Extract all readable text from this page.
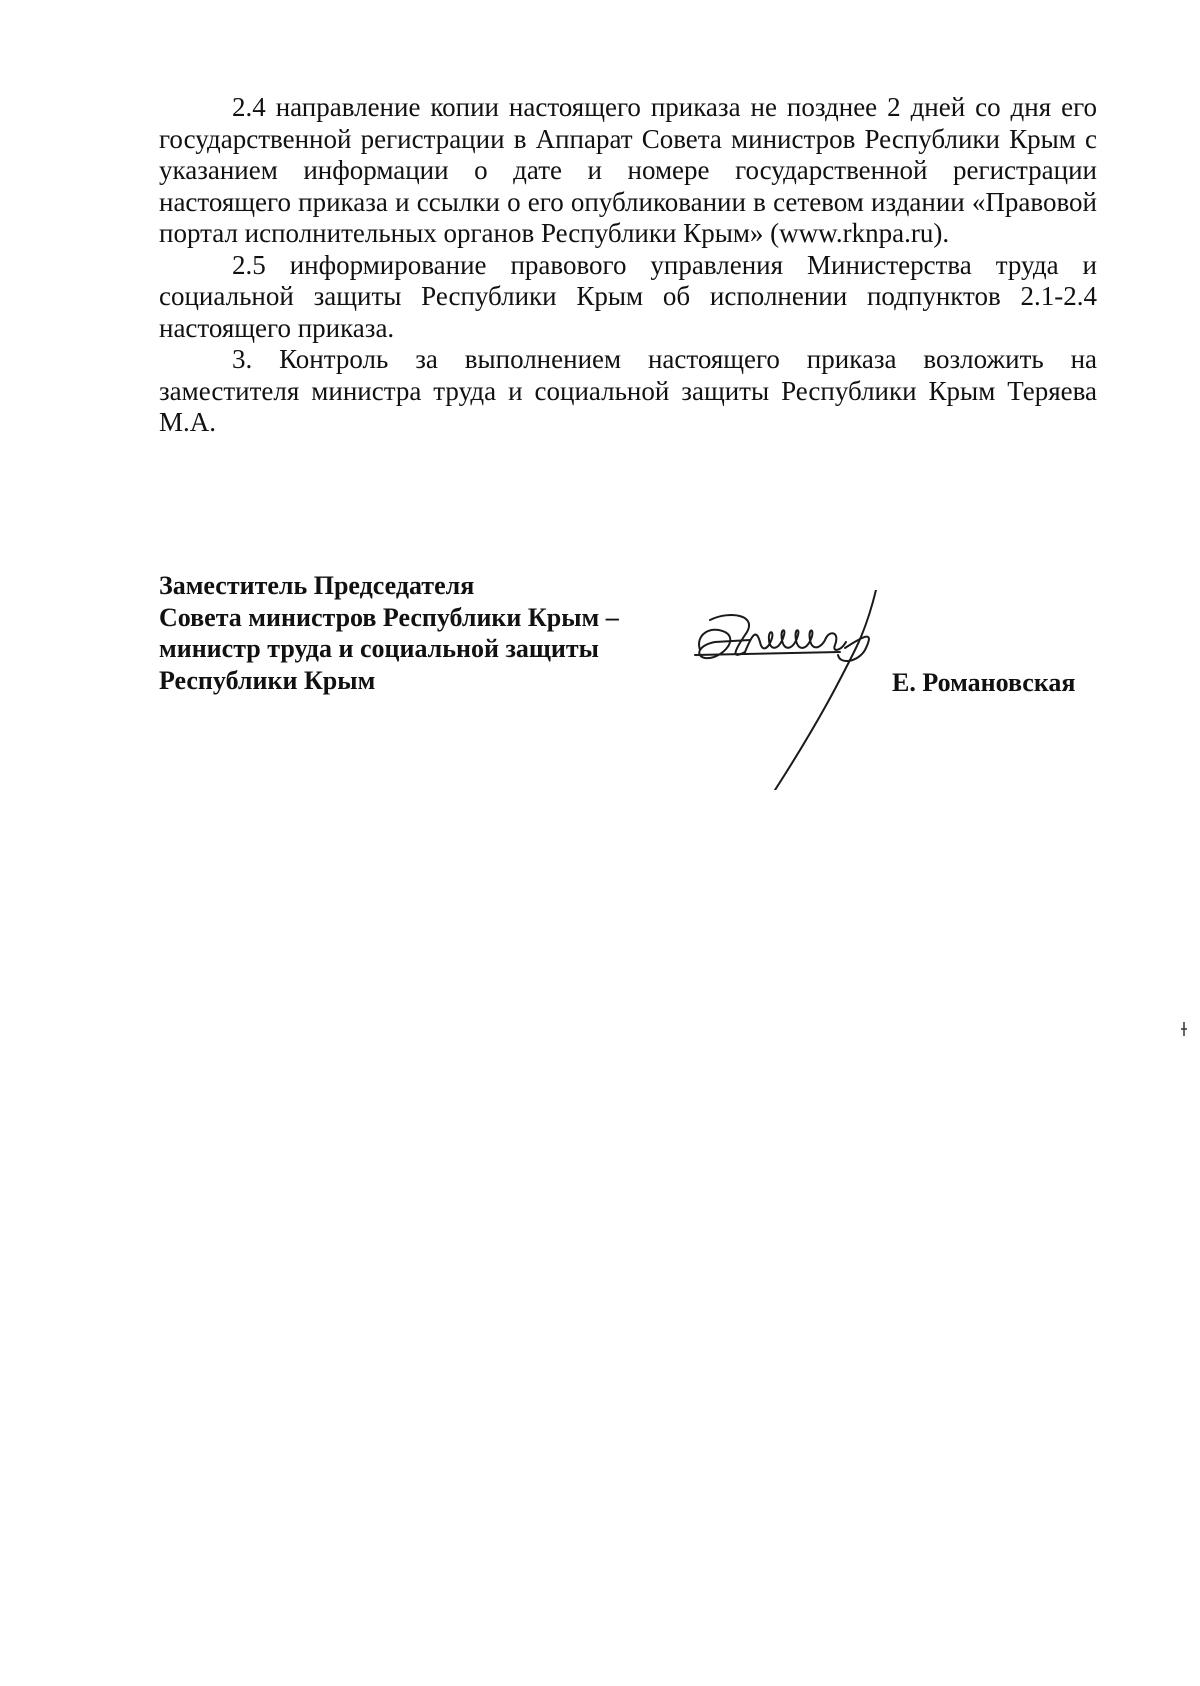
2.4 направление копии настоящего приказа не позднее 2 дней со дня его государственной регистрации в Аппарат Совета министров Республики Крым с указанием информации о дате и номере государственной регистрации настоящего приказа и ссылки о его опубликовании в сетевом издании «Правовой портал исполнительных органов Республики Крым» (www.rknpa.ru).

2.5 информирование правового управления Министерства труда и социальной защиты Республики Крым об исполнении подпунктов 2.1-2.4 настоящего приказа.

3. Контроль за выполнением настоящего приказа возложить на заместителя министра труда и социальной защиты Республики Крым Теряева М.А.

Заместитель Председателя
Совета министров Республики Крым –
министр труда и социальной защиты
Республики Крым	Е. Романовская
